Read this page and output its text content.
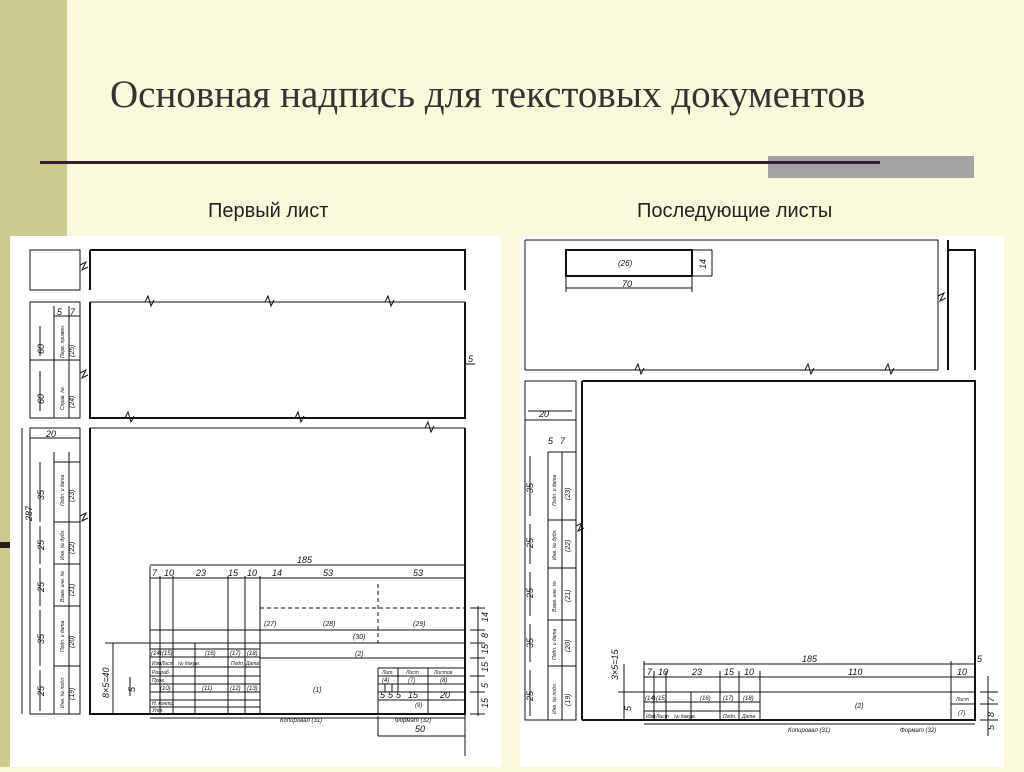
Основная надпись для текстовых документов
Первый лист	Последующие листы
287
60
60
5 7
20
35
25
25
35
25
185
7 10 23 15 10 14	53	53
14
8
15
15
5
15
8×5=40 5
5
5 5 5 15 20
50
(25)
(24)
(23)
(22)
(21)
(20)
(19)
Перв. примен.
Справ. №
Подп. и дата
Инв. № дубл.
Взам. инв. №
Подп. и дата
Инв. № подл.
(27)	(28)	(29)
(30)
(2)
(1)
(14) (15)	(16) (17) (18)
Изм.
Лист № докум.	Подп. Дата
Разраб.
Пров.
Н. контр.
Утв.
(10)	(11)	(12) (13)
Лит. Лист	Листов
(4)	(7)	(8)
(9)
Копировал (31)	Формат (32)
(26)	14
70
20
5 7
35
25
25
35
25
185
7 10	23 15 10	110	10
3×5=15
5
5
7
8
5
(23)
(22)
(21)
(20)
(19)
Подп. и дата
Инв. № дубл.
Взам. инв. №
Подп. и дата
Инв. № подл.	(14) (15)	(16) (17) (18)
Изм. Лист № докум.	Подп. Дата
(2)
Лист
(7)
Копировал (31)	Формат (32)
